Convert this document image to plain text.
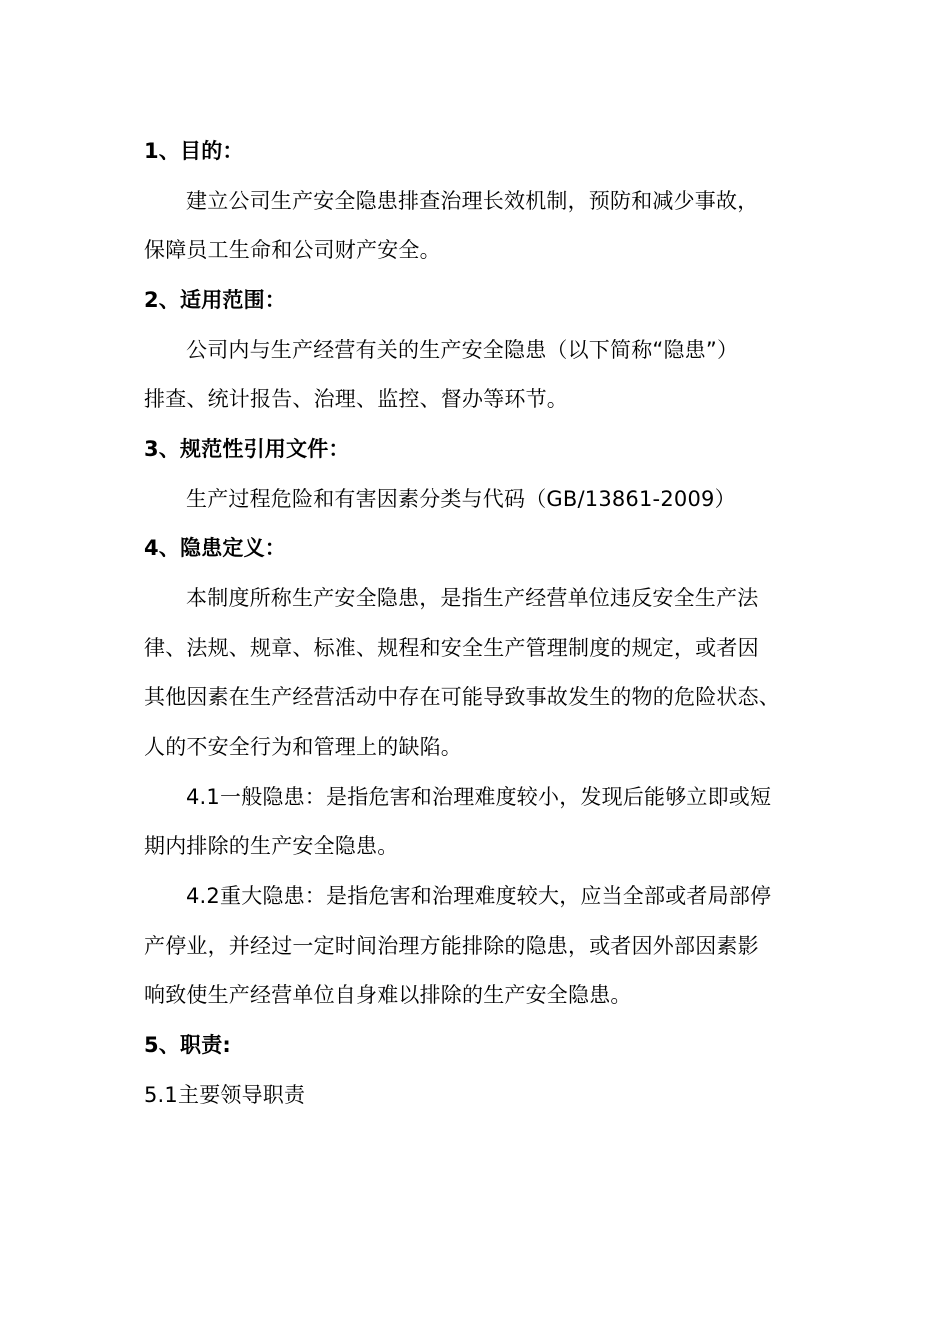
1、目的：
建立公司生产安全隐患排查治理长效机制，预防和减少事故，
保障员工生命和公司财产安全。
2、适用范围：
公司内与生产经营有关的生产安全隐患（以下简称“隐患”）
排查、统计报告、治理、监控、督办等环节。
3、规范性引用文件：
生产过程危险和有害因素分类与代码（GB/13861-2009）
4、隐患定义：
本制度所称生产安全隐患，是指生产经营单位违反安全生产法
律、法规、规章、标准、规程和安全生产管理制度的规定，或者因
其他因素在生产经营活动中存在可能导致事故发生的物的危险状态、
人的不安全行为和管理上的缺陷。
4.1一般隐患：是指危害和治理难度较小，发现后能够立即或短
期内排除的生产安全隐患。
4.2重大隐患：是指危害和治理难度较大，应当全部或者局部停
产停业，并经过一定时间治理方能排除的隐患，或者因外部因素影
响致使生产经营单位自身难以排除的生产安全隐患。
5、职责:
5.1主要领导职责
